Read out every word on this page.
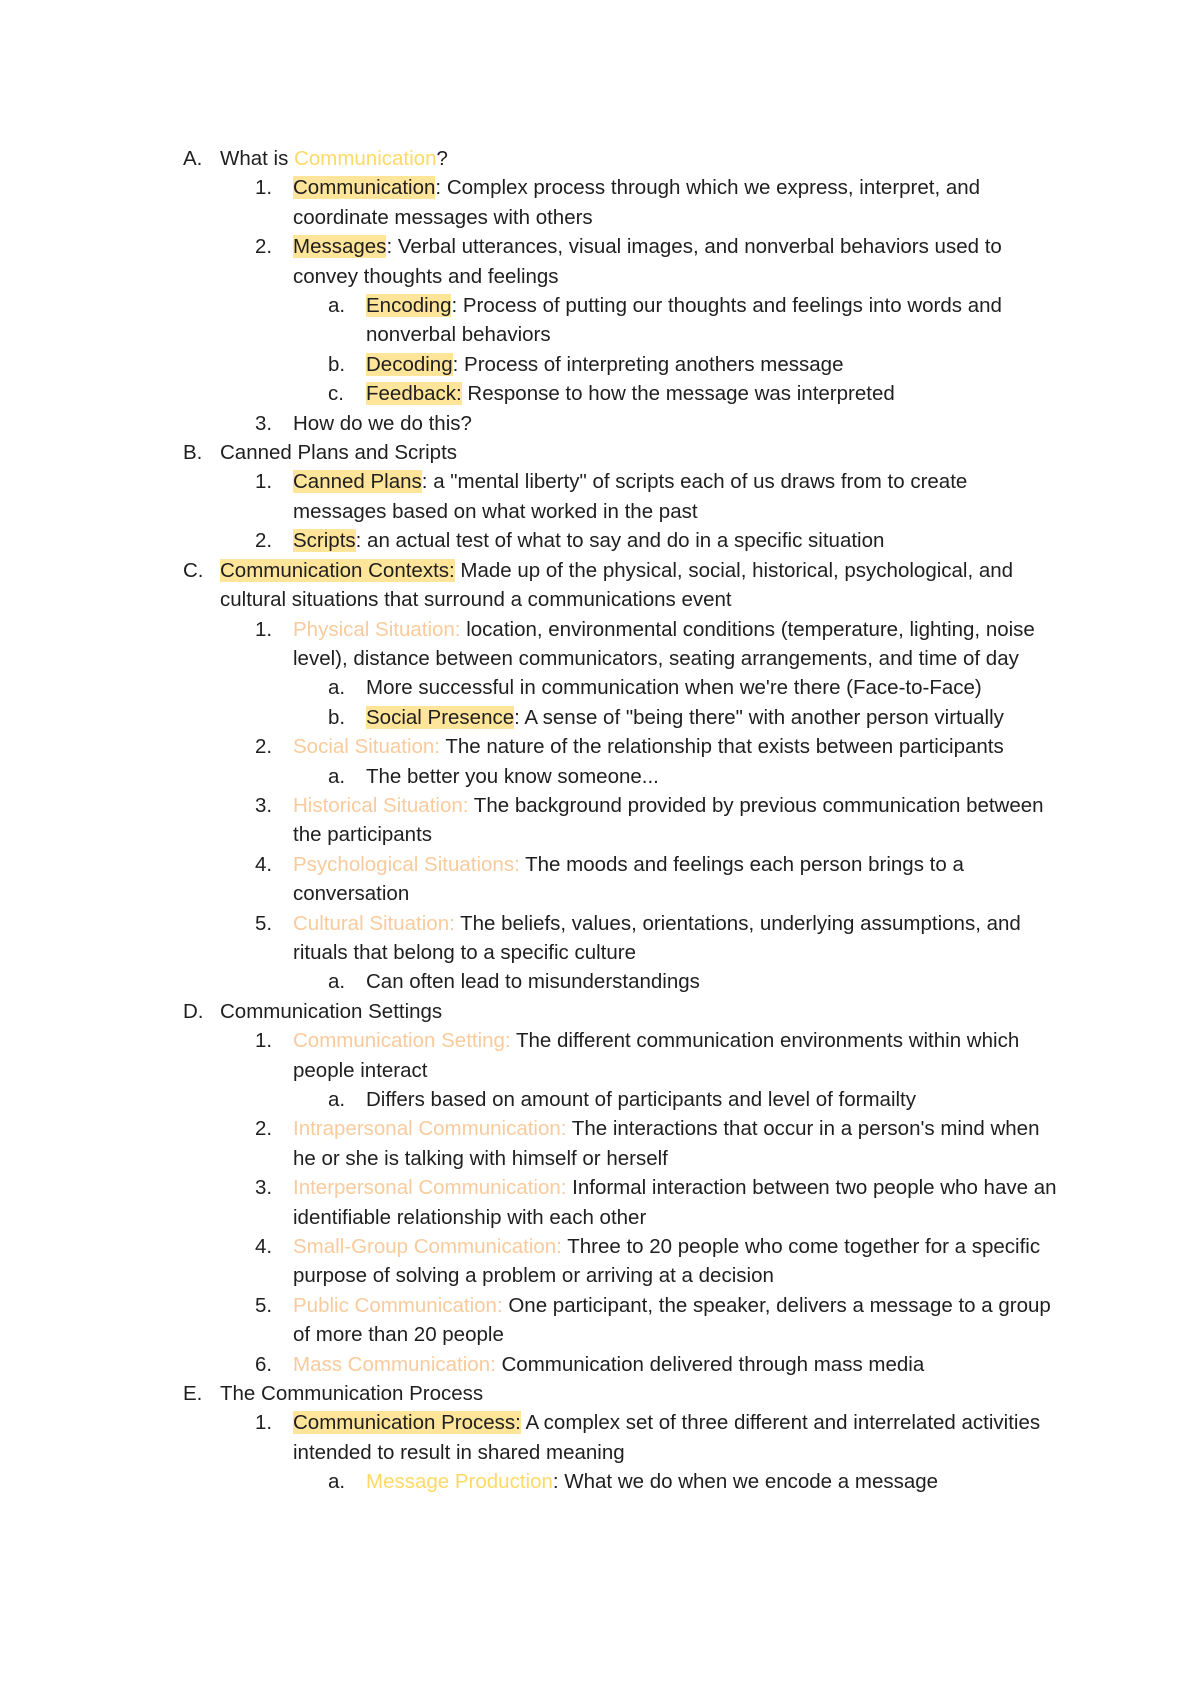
A. What is Communication?
1. Communication: Complex process through which we express, interpret, and coordinate messages with others
2. Messages: Verbal utterances, visual images, and nonverbal behaviors used to convey thoughts and feelings
a. Encoding: Process of putting our thoughts and feelings into words and nonverbal behaviors
b. Decoding: Process of interpreting anothers message
c. Feedback: Response to how the message was interpreted
3. How do we do this?
B. Canned Plans and Scripts
1. Canned Plans: a "mental liberty" of scripts each of us draws from to create messages based on what worked in the past
2. Scripts: an actual test of what to say and do in a specific situation
C. Communication Contexts: Made up of the physical, social, historical, psychological, and cultural situations that surround a communications event
1. Physical Situation: location, environmental conditions (temperature, lighting, noise level), distance between communicators, seating arrangements, and time of day
a. More successful in communication when we're there (Face-to-Face)
b. Social Presence: A sense of "being there" with another person virtually
2. Social Situation: The nature of the relationship that exists between participants
a. The better you know someone...
3. Historical Situation: The background provided by previous communication between the participants
4. Psychological Situations: The moods and feelings each person brings to a conversation
5. Cultural Situation: The beliefs, values, orientations, underlying assumptions, and rituals that belong to a specific culture
a. Can often lead to misunderstandings
D. Communication Settings
1. Communication Setting: The different communication environments within which people interact
a. Differs based on amount of participants and level of formailty
2. Intrapersonal Communication: The interactions that occur in a person's mind when he or she is talking with himself or herself
3. Interpersonal Communication: Informal interaction between two people who have an identifiable relationship with each other
4. Small-Group Communication: Three to 20 people who come together for a specific purpose of solving a problem or arriving at a decision
5. Public Communication: One participant, the speaker, delivers a message to a group of more than 20 people
6. Mass Communication: Communication delivered through mass media
E. The Communication Process
1. Communication Process: A complex set of three different and interrelated activities intended to result in shared meaning
a. Message Production: What we do when we encode a message
